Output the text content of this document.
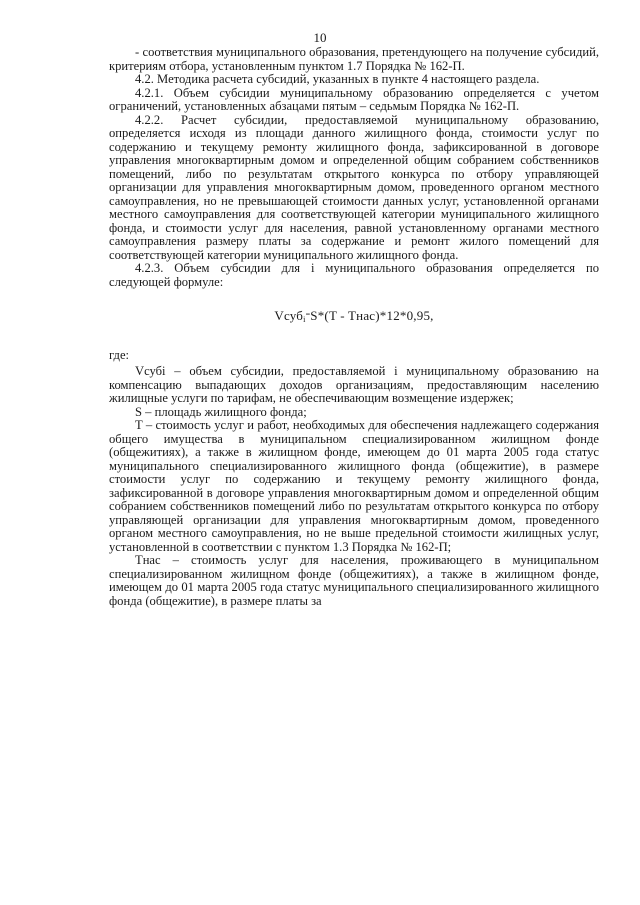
10

- соответствия муниципального образования, претендующего на получение субсидий, критериям отбора, установленным пунктом 1.7 Порядка № 162-П.

4.2. Методика расчета субсидий, указанных в пункте 4 настоящего раздела.

4.2.1. Объем субсидии муниципальному образованию определяется с учетом ограничений, установленных абзацами пятым – седьмым Порядка № 162-П.

4.2.2. Расчет субсидии, предоставляемой муниципальному образованию, определяется исходя из площади данного жилищного фонда, стоимости услуг по содержанию и текущему ремонту жилищного фонда, зафиксированной в договоре управления многоквартирным домом и определенной общим собранием собственников помещений, либо по результатам открытого конкурса по отбору управляющей организации для управления многоквартирным домом, проведенного органом местного самоуправления, но не превышающей стоимости данных услуг, установленной органами местного самоуправления для соответствующей категории муниципального жилищного фонда, и стоимости услуг для населения, равной установленному органами местного самоуправления размеру платы за содержание и ремонт жилого помещений для соответствующей категории муниципального жилищного фонда.

4.2.3. Объем субсидии для i муниципального образования определяется по следующей формуле:

Vсуб$_i$=S*(T - Tнас)*12*0,95,

где:

Vсубi – объем субсидии, предоставляемой i муниципальному образованию на компенсацию выпадающих доходов организациям, предоставляющим населению жилищные услуги по тарифам, не обеспечивающим возмещение издержек;

S – площадь жилищного фонда;

T – стоимость услуг и работ, необходимых для обеспечения надлежащего содержания общего имущества в муниципальном специализированном жилищном фонде (общежитиях), а также в жилищном фонде, имеющем до 01 марта 2005 года статус муниципального специализированного жилищного фонда (общежитие), в размере стоимости услуг по содержанию и текущему ремонту жилищного фонда, зафиксированной в договоре управления многоквартирным домом и определенной общим собранием собственников помещений либо по результатам открытого конкурса по отбору управляющей организации для управления многоквартирным домом, проведенного органом местного самоуправления, но не выше предельной стоимости жилищных услуг, установленной в соответствии с пунктом 1.3 Порядка № 162-П;

Tнас – стоимость услуг для населения, проживающего в муниципальном специализированном жилищном фонде (общежитиях), а также в жилищном фонде, имеющем до 01 марта 2005 года статус муниципального специализированного жилищного фонда (общежитие), в размере платы за
